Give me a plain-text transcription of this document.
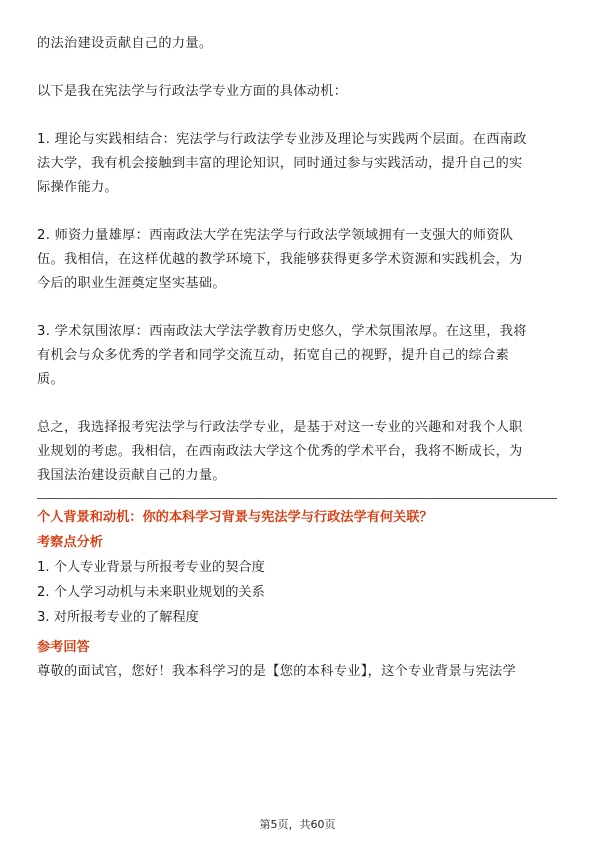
的法治建设贡献自己的力量。

以下是我在宪法学与行政法学专业方面的具体动机：

1. 理论与实践相结合：宪法学与行政法学专业涉及理论与实践两个层面。在西南政

法大学，我有机会接触到丰富的理论知识，同时通过参与实践活动，提升自己的实

际操作能力。

2. 师资力量雄厚：西南政法大学在宪法学与行政法学领域拥有一支强大的师资队

伍。我相信，在这样优越的教学环境下，我能够获得更多学术资源和实践机会，为

今后的职业生涯奠定坚实基础。

3. 学术氛围浓厚：西南政法大学法学教育历史悠久，学术氛围浓厚。在这里，我将

有机会与众多优秀的学者和同学交流互动，拓宽自己的视野，提升自己的综合素

质。

总之，我选择报考宪法学与行政法学专业，是基于对这一专业的兴趣和对我个人职

业规划的考虑。我相信，在西南政法大学这个优秀的学术平台，我将不断成长，为

我国法治建设贡献自己的力量。

个人背景和动机：你的本科学习背景与宪法学与行政法学有何关联？
考察点分析
1. 个人专业背景与所报考专业的契合度
2. 个人学习动机与未来职业规划的关系
3. 对所报考专业的了解程度
参考回答

尊敬的面试官，您好！我本科学习的是【您的本科专业】，这个专业背景与宪法学

第5页，共60页
